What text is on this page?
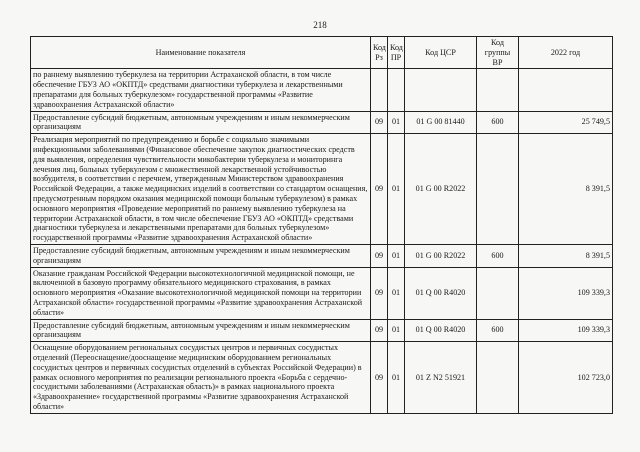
218
Наименование показателя	Код Рз	Код ПР	Код ЦСР	Код группы ВР	2022 год
по раннему выявлению туберкулеза на территории Астраханской области, в том числе обеспечение ГБУЗ АО «ОКПТД» средствами диагностики туберкулеза и лекарственными препаратами для больных туберкулезом» государственной программы «Развитие здравоохранения Астраханской области»					
Предоставление субсидий бюджетным, автономным учреждениям и иным некоммерческим организациям	09	01	01 G 00 81440	600	25 749,5
Реализация мероприятий по предупреждению и борьбе с социально значимыми инфекционными заболеваниями (Финансовое обеспечение закупок диагностических средств для выявления, определения чувствительности микобактерии туберкулеза и мониторинга лечения лиц, больных туберкулезом с множественной лекарственной устойчивостью возбудителя, в соответствии с перечнем, утвержденным Министерством здравоохранения Российской Федерации, а также медицинских изделий в соответствии со стандартом оснащения, предусмотренным порядком оказания медицинской помощи больным туберкулезом) в рамках основного мероприятия «Проведение мероприятий по раннему выявлению туберкулеза на территории Астраханской области, в том числе обеспечение ГБУЗ АО «ОКПТД» средствами диагностики туберкулеза и лекарственными препаратами для больных туберкулезом» государственной программы «Развитие здравоохранения Астраханской области»	09	01	01 G 00 R2022		8 391,5
Предоставление субсидий бюджетным, автономным учреждениям и иным некоммерческим организациям	09	01	01 G 00 R2022	600	8 391,5
Оказание гражданам Российской Федерации высокотехнологичной медицинской помощи, не включенной в базовую программу обязательного медицинского страхования, в рамках основного мероприятия «Оказание высокотехнологичной медицинской помощи на территории Астраханской области» государственной программы «Развитие здравоохранения Астраханской области»	09	01	01 Q 00 R4020		109 339,3
Предоставление субсидий бюджетным, автономным учреждениям и иным некоммерческим организациям	09	01	01 Q 00 R4020	600	109 339,3
Оснащение оборудованием региональных сосудистых центров и первичных сосудистых отделений (Переоснащение/дооснащение медицинским оборудованием региональных сосудистых центров и первичных сосудистых отделений в субъектах Российской Федерации) в рамках основного мероприятия по реализации регионального проекта «Борьба с сердечно-сосудистыми заболеваниями (Астраханская область)» в рамках национального проекта «Здравоохранение» государственной программы «Развитие здравоохранения Астраханской области»	09	01	01 Z N2 51921		102 723,0
